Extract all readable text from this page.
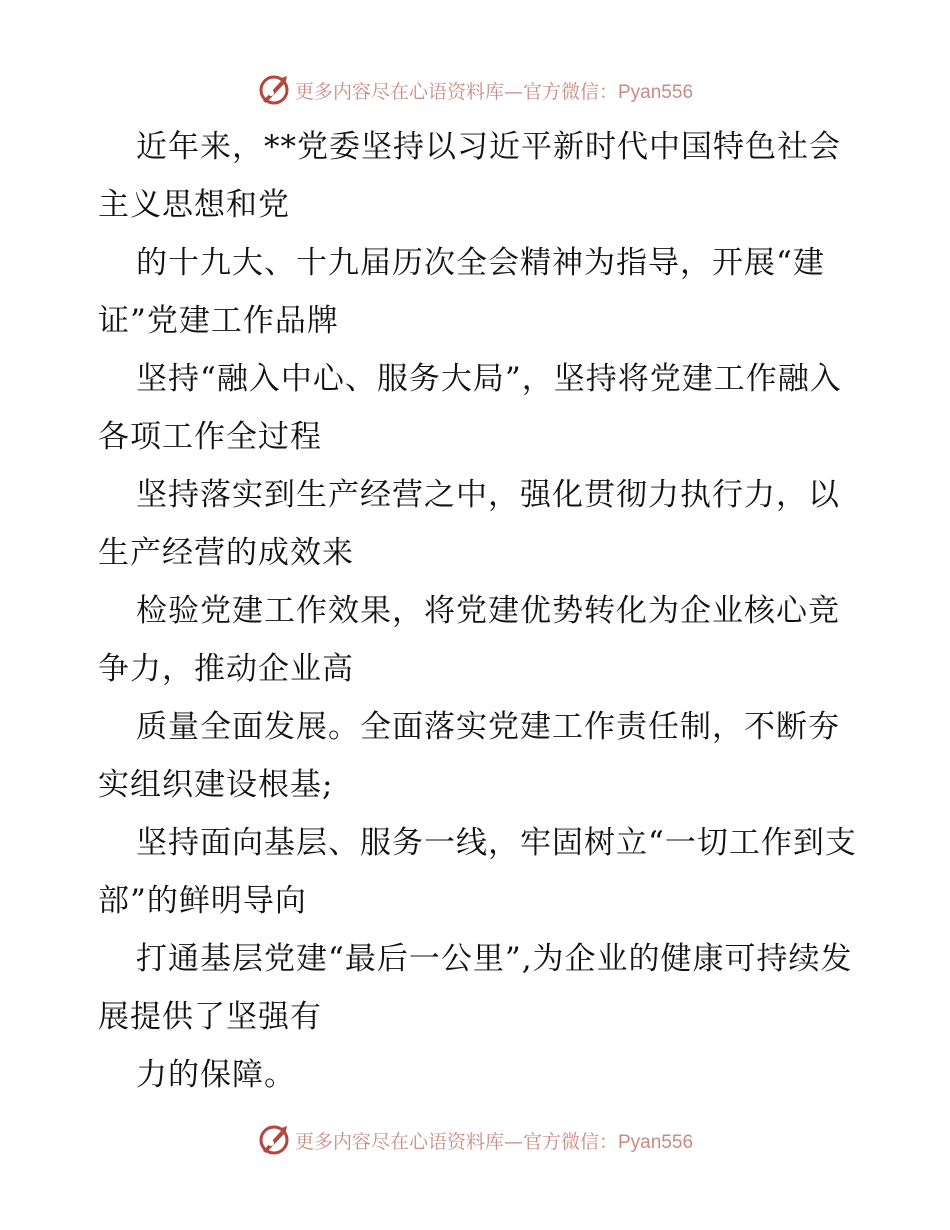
更多内容尽在心语资料库—官方微信：Pyan556

近年来，**党委坚持以习近平新时代中国特色社会主义思想和党

的十九大、十九届历次全会精神为指导，开展“建证”党建工作品牌

坚持“融入中心、服务大局”，坚持将党建工作融入各项工作全过程

坚持落实到生产经营之中，强化贯彻力执行力，以生产经营的成效来

检验党建工作效果，将党建优势转化为企业核心竞争力，推动企业高

质量全面发展。全面落实党建工作责任制，不断夯实组织建设根基;

坚持面向基层、服务一线，牢固树立“一切工作到支部”的鲜明导向

打通基层党建“最后一公里”,为企业的健康可持续发展提供了坚强有

力的保障。

更多内容尽在心语资料库—官方微信：Pyan556
